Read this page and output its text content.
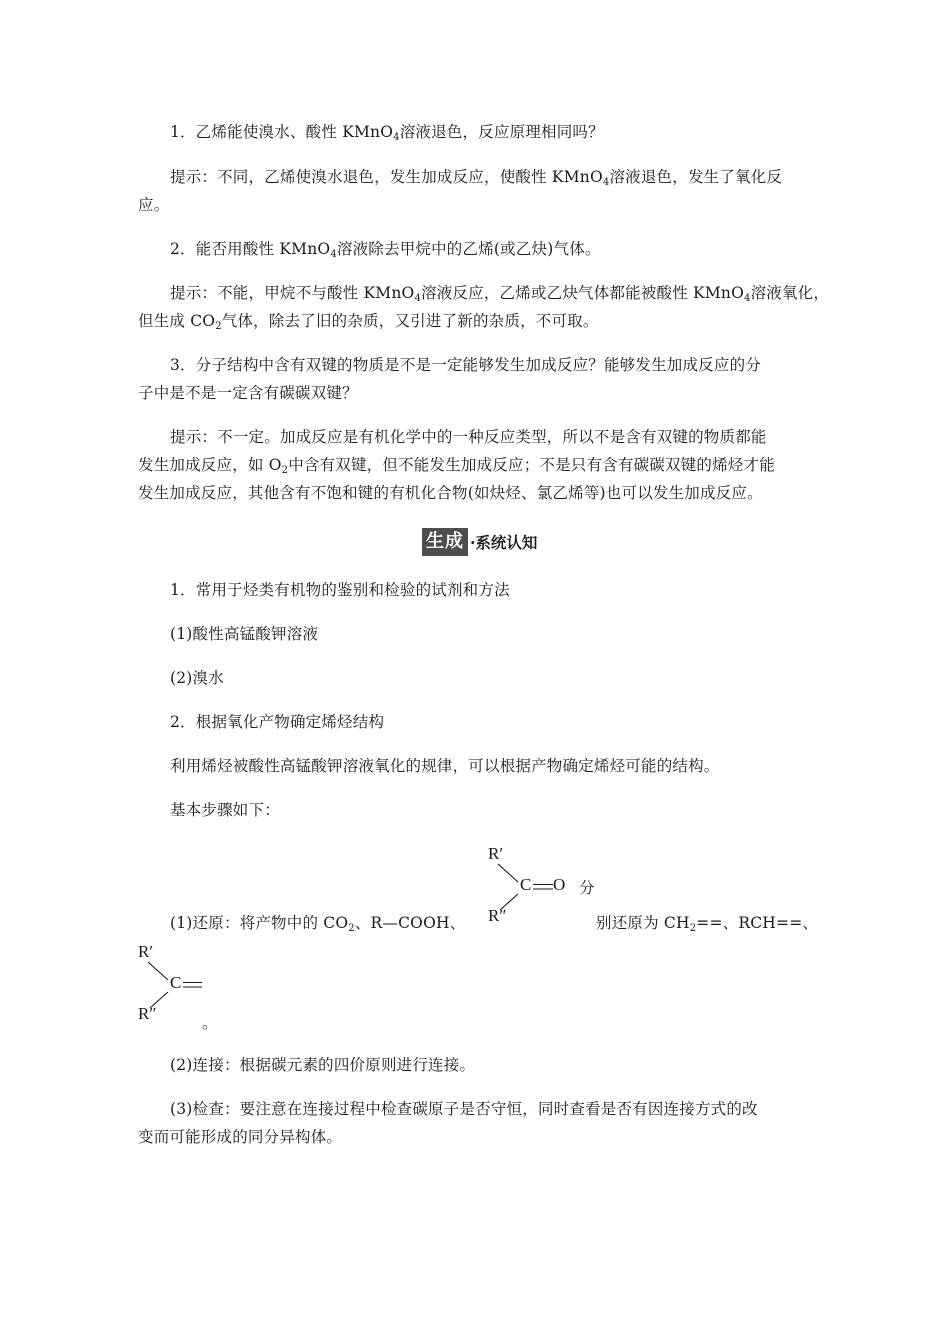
1．乙烯能使溴水、酸性 KMnO$_4$溶液退色，反应原理相同吗？
提示：不同，乙烯使溴水退色，发生加成反应，使酸性 KMnO$_4$溶液退色，发生了氧化反
应。
2．能否用酸性 KMnO$_4$溶液除去甲烷中的乙烯(或乙炔)气体。
提示：不能，甲烷不与酸性 KMnO$_4$溶液反应，乙烯或乙炔气体都能被酸性 KMnO$_4$溶液氧化，
但生成 $CO_2$气体，除去了旧的杂质，又引进了新的杂质，不可取。
3．分子结构中含有双键的物质是不是一定能够发生加成反应？能够发生加成反应的分
子中是不是一定含有碳碳双键？
提示：不一定。加成反应是有机化学中的一种反应类型，所以不是含有双键的物质都能
发生加成反应，如 $O_2$中含有双键，但不能发生加成反应；不是只有含有碳碳双键的烯烃才能
发生加成反应，其他含有不饱和键的有机化合物(如炔烃、氯乙烯等)也可以发生加成反应。
生成 ·系统认知
1．常用于烃类有机物的鉴别和检验的试剂和方法
(1)酸性高锰酸钾溶液
(2)溴水
2．根据氧化产物确定烯烃结构
利用烯烃被酸性高锰酸钾溶液氧化的规律，可以根据产物确定烯烃可能的结构。
基本步骤如下：
R′
C O
R″
分
(1)还原：将产物中的 $CO_2$、R—COOH、	别还原为 $CH_2==$、RCH==、
R′
C
R″	。
(2)连接：根据碳元素的四价原则进行连接。
(3)检查：要注意在连接过程中检查碳原子是否守恒，同时查看是否有因连接方式的改
变而可能形成的同分异构体。
